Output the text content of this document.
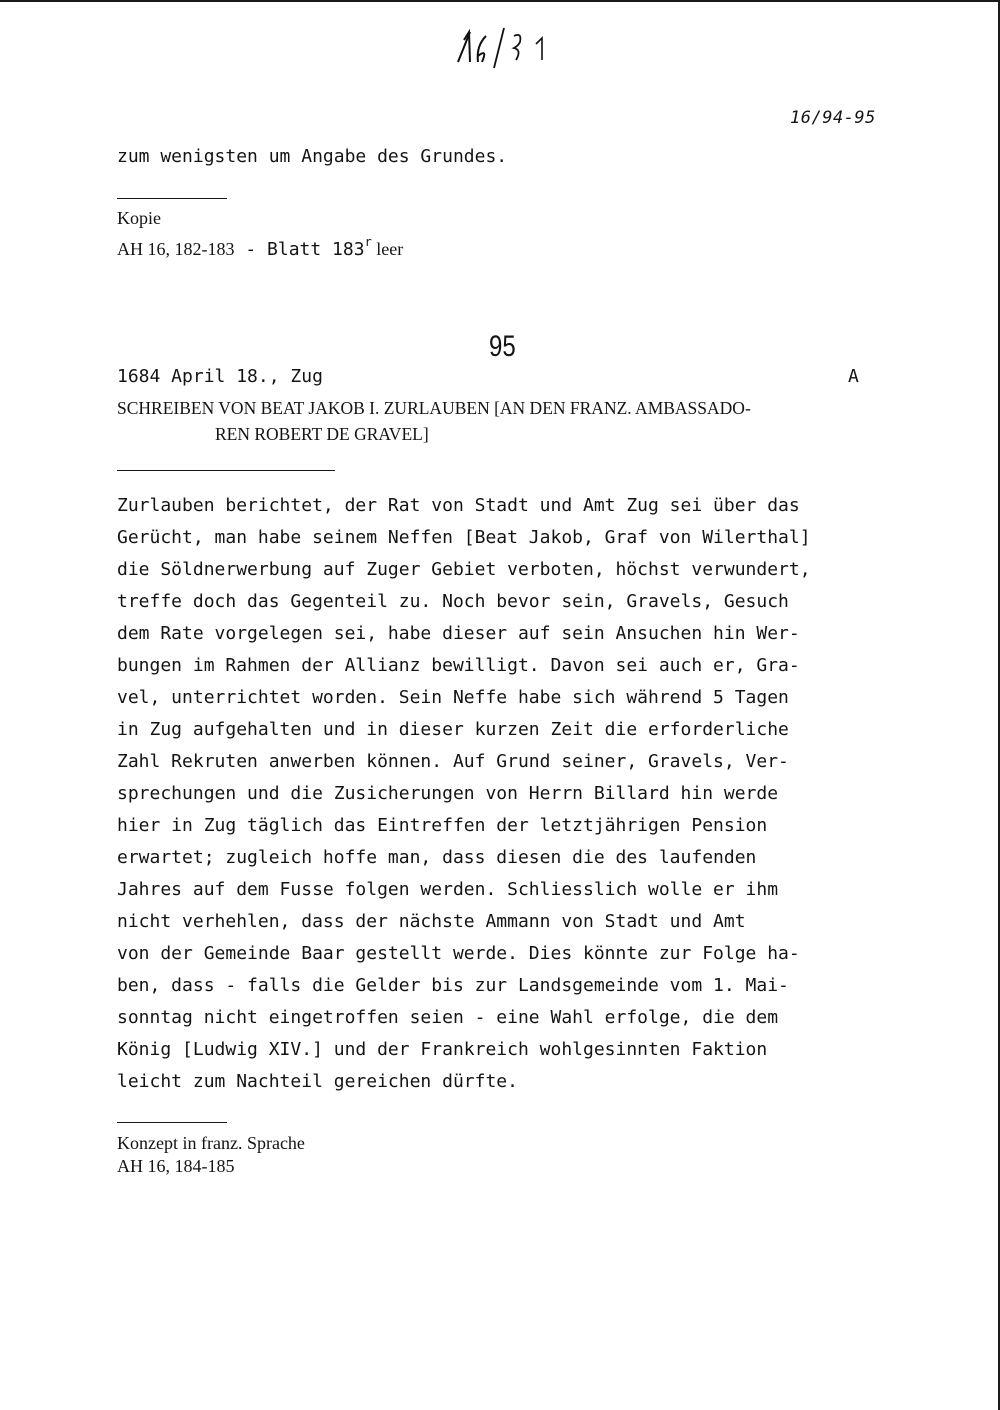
16/94-95
zum wenigsten um Angabe des Grundes.
Kopie
AH 16, 182-183 - Blatt 183$^r$ leer
95
1684 April 18., Zug	A
SCHREIBEN VON BEAT JAKOB I. ZURLAUBEN [AN DEN FRANZ. AMBASSADO-
REN ROBERT DE GRAVEL]
Zurlauben berichtet, der Rat von Stadt und Amt Zug sei über das
Gerücht, man habe seinem Neffen [Beat Jakob, Graf von Wilerthal]
die Söldnerwerbung auf Zuger Gebiet verboten, höchst verwundert,
treffe doch das Gegenteil zu. Noch bevor sein, Gravels, Gesuch
dem Rate vorgelegen sei, habe dieser auf sein Ansuchen hin Wer-
bungen im Rahmen der Allianz bewilligt. Davon sei auch er, Gra-
vel, unterrichtet worden. Sein Neffe habe sich während 5 Tagen
in Zug aufgehalten und in dieser kurzen Zeit die erforderliche
Zahl Rekruten anwerben können. Auf Grund seiner, Gravels, Ver-
sprechungen und die Zusicherungen von Herrn Billard hin werde
hier in Zug täglich das Eintreffen der letztjährigen Pension
erwartet; zugleich hoffe man, dass diesen die des laufenden
Jahres auf dem Fusse folgen werden. Schliesslich wolle er ihm
nicht verhehlen, dass der nächste Ammann von Stadt und Amt
von der Gemeinde Baar gestellt werde. Dies könnte zur Folge ha-
ben, dass - falls die Gelder bis zur Landsgemeinde vom 1. Mai-
sonntag nicht eingetroffen seien - eine Wahl erfolge, die dem
König [Ludwig XIV.] und der Frankreich wohlgesinnten Faktion
leicht zum Nachteil gereichen dürfte.
Konzept in franz. Sprache
AH 16, 184-185
